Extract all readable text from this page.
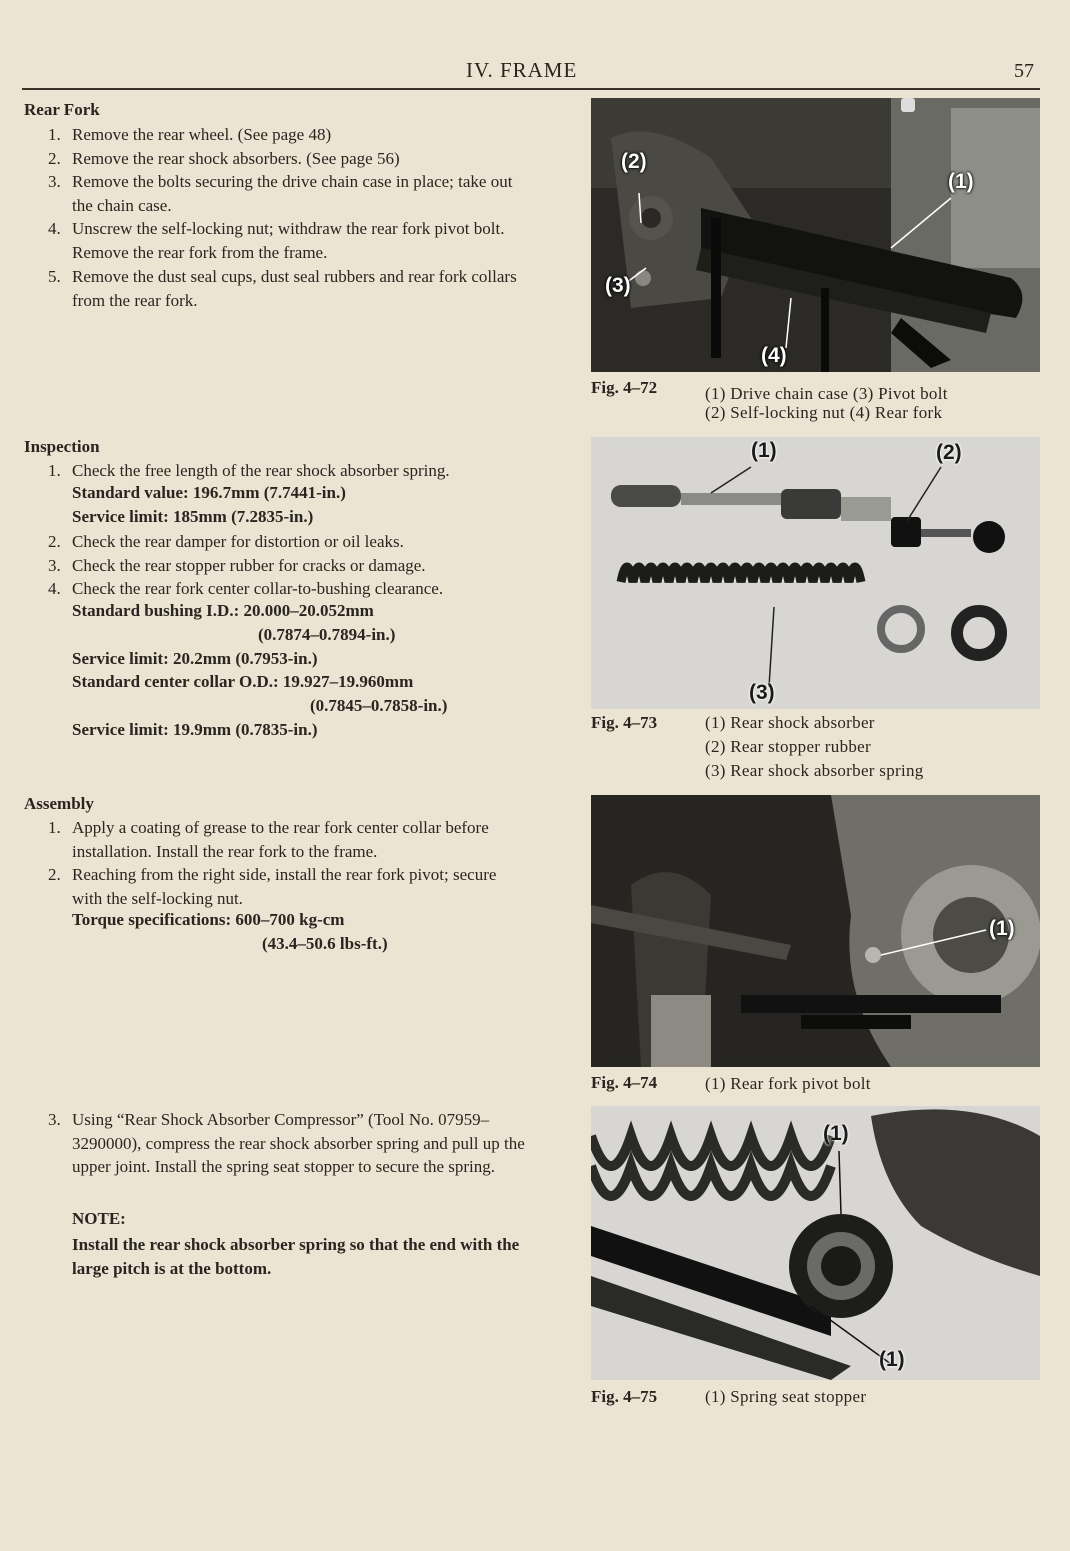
IV. FRAME	57
Rear Fork
1. Remove the rear wheel. (See page 48)
2. Remove the rear shock absorbers. (See page 56)
3. Remove the bolts securing the drive chain case in place; take out the chain case.
4. Unscrew the self-locking nut; withdraw the rear fork pivot bolt. Remove the rear fork from the frame.
5. Remove the dust seal cups, dust seal rubbers and rear fork collars from the rear fork.
Inspection
1. Check the free length of the rear shock absorber spring.
Standard value: 196.7mm (7.7441-in.)
Service limit: 185mm (7.2835-in.)
2. Check the rear damper for distortion or oil leaks.
3. Check the rear stopper rubber for cracks or damage.
4. Check the rear fork center collar-to-bushing clearance.
Standard bushing I.D.: 20.000–20.052mm
(0.7874–0.7894-in.)
Service limit: 20.2mm (0.7953-in.)
Standard center collar O.D.: 19.927–19.960mm
(0.7845–0.7858-in.)
Service limit: 19.9mm (0.7835-in.)
Assembly
1. Apply a coating of grease to the rear fork center collar before installation. Install the rear fork to the frame.
2. Reaching from the right side, install the rear fork pivot; secure with the self-locking nut.
Torque specifications: 600–700 kg-cm
(43.4–50.6 lbs-ft.)
3. Using “Rear Shock Absorber Compressor” (Tool No. 07959–3290000), compress the rear shock absorber spring and pull up the upper joint. Install the spring seat stopper to secure the spring.
NOTE:
Install the rear shock absorber spring so that the end with the large pitch is at the bottom.
(2)
(1)
(3)
(4)
Fig. 4–72	(1) Drive chain case (3) Pivot bolt
(2) Self-locking nut (4) Rear fork
(1)	(2)
(3)
Fig. 4–73	(1) Rear shock absorber
(2) Rear stopper rubber
(3) Rear shock absorber spring
(1)
Fig. 4–74	(1) Rear fork pivot bolt
(1)
(1)
Fig. 4–75	(1) Spring seat stopper
